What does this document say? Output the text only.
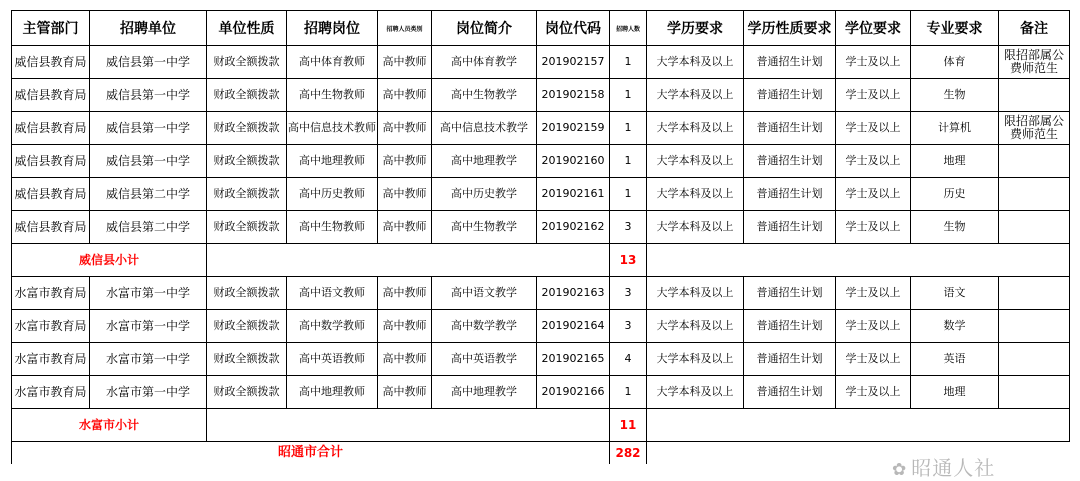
主管部门	招聘单位	单位性质	招聘岗位	招聘人员类别	岗位简介	岗位代码	招聘人数	学历要求	学历性质要求	学位要求	专业要求	备注
威信县教育局	威信县第一中学	财政全额拨款	高中体育教师	高中教师	高中体育教学	201902157	1	大学本科及以上	普通招生计划	学士及以上	体育	限招部属公费师范生
威信县教育局	威信县第一中学	财政全额拨款	高中生物教师	高中教师	高中生物教学	201902158	1	大学本科及以上	普通招生计划	学士及以上	生物	
威信县教育局	威信县第一中学	财政全额拨款	高中信息技术教师	高中教师	高中信息技术教学	201902159	1	大学本科及以上	普通招生计划	学士及以上	计算机	限招部属公费师范生
威信县教育局	威信县第一中学	财政全额拨款	高中地理教师	高中教师	高中地理教学	201902160	1	大学本科及以上	普通招生计划	学士及以上	地理	
威信县教育局	威信县第二中学	财政全额拨款	高中历史教师	高中教师	高中历史教学	201902161	1	大学本科及以上	普通招生计划	学士及以上	历史	
威信县教育局	威信县第二中学	财政全额拨款	高中生物教师	高中教师	高中生物教学	201902162	3	大学本科及以上	普通招生计划	学士及以上	生物	
威信县小计							13					
水富市教育局	水富市第一中学	财政全额拨款	高中语文教师	高中教师	高中语文教学	201902163	3	大学本科及以上	普通招生计划	学士及以上	语文	
水富市教育局	水富市第一中学	财政全额拨款	高中数学教师	高中教师	高中数学教学	201902164	3	大学本科及以上	普通招生计划	学士及以上	数学	
水富市教育局	水富市第一中学	财政全额拨款	高中英语教师	高中教师	高中英语教学	201902165	4	大学本科及以上	普通招生计划	学士及以上	英语	
水富市教育局	水富市第一中学	财政全额拨款	高中地理教师	高中教师	高中地理教学	201902166	1	大学本科及以上	普通招生计划	学士及以上	地理	
水富市小计							11					
昭通市合计							282					
✿ 昭通人社
